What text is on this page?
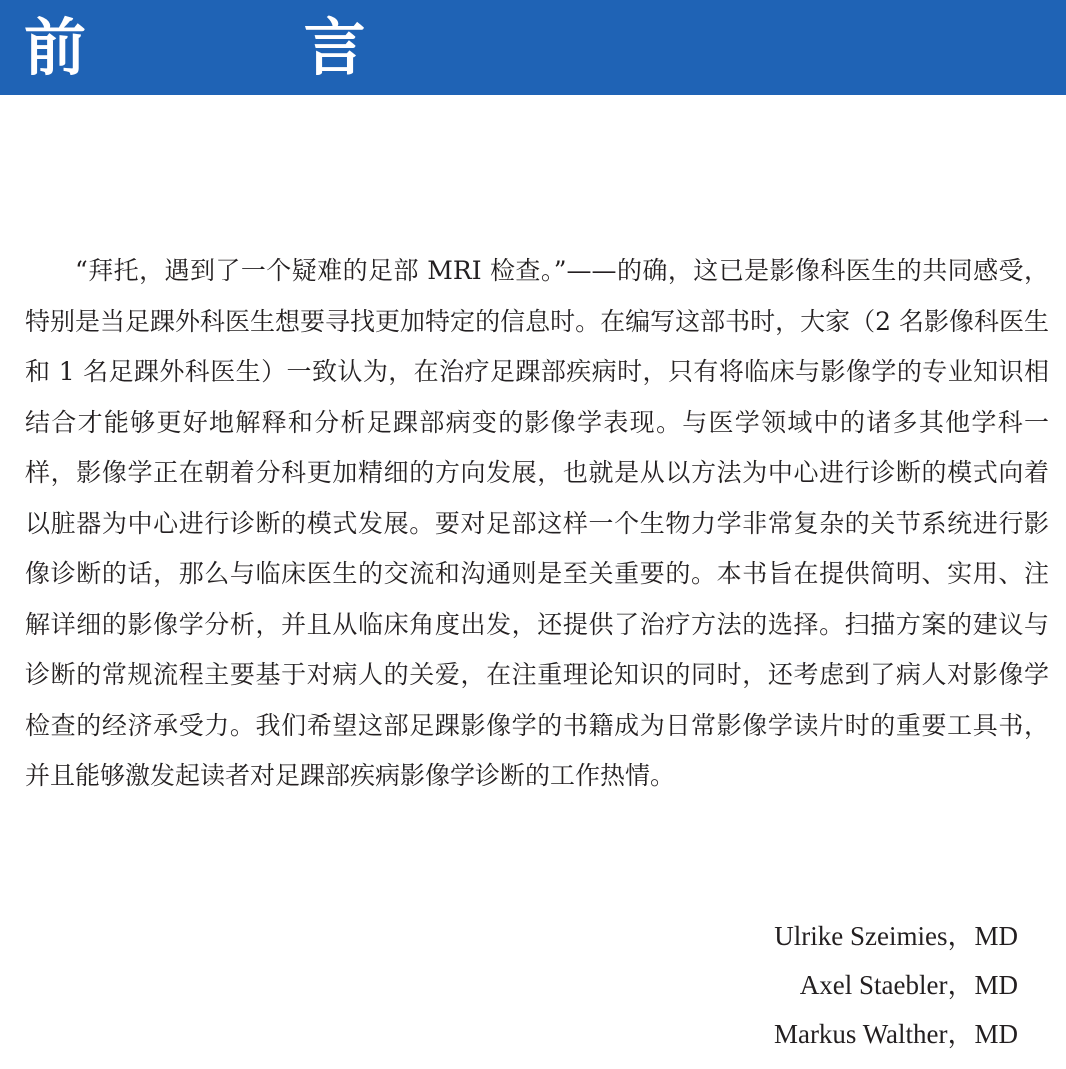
前 言

“拜托，遇到了一个疑难的足部 MRI 检查。”——的确，这已是影像科医生的共同感受，特别是当足踝外科医生想要寻找更加特定的信息时。在编写这部书时，大家（2 名影像科医生和 1 名足踝外科医生）一致认为，在治疗足踝部疾病时，只有将临床与影像学的专业知识相结合才能够更好地解释和分析足踝部病变的影像学表现。与医学领域中的诸多其他学科一样，影像学正在朝着分科更加精细的方向发展，也就是从以方法为中心进行诊断的模式向着以脏器为中心进行诊断的模式发展。要对足部这样一个生物力学非常复杂的关节系统进行影像诊断的话，那么与临床医生的交流和沟通则是至关重要的。本书旨在提供简明、实用、注解详细的影像学分析，并且从临床角度出发，还提供了治疗方法的选择。扫描方案的建议与诊断的常规流程主要基于对病人的关爱，在注重理论知识的同时，还考虑到了病人对影像学检查的经济承受力。我们希望这部足踝影像学的书籍成为日常影像学读片时的重要工具书，并且能够激发起读者对足踝部疾病影像学诊断的工作热情。

Ulrike Szeimies，MD
Axel Staebler，MD
Markus Walther，MD
